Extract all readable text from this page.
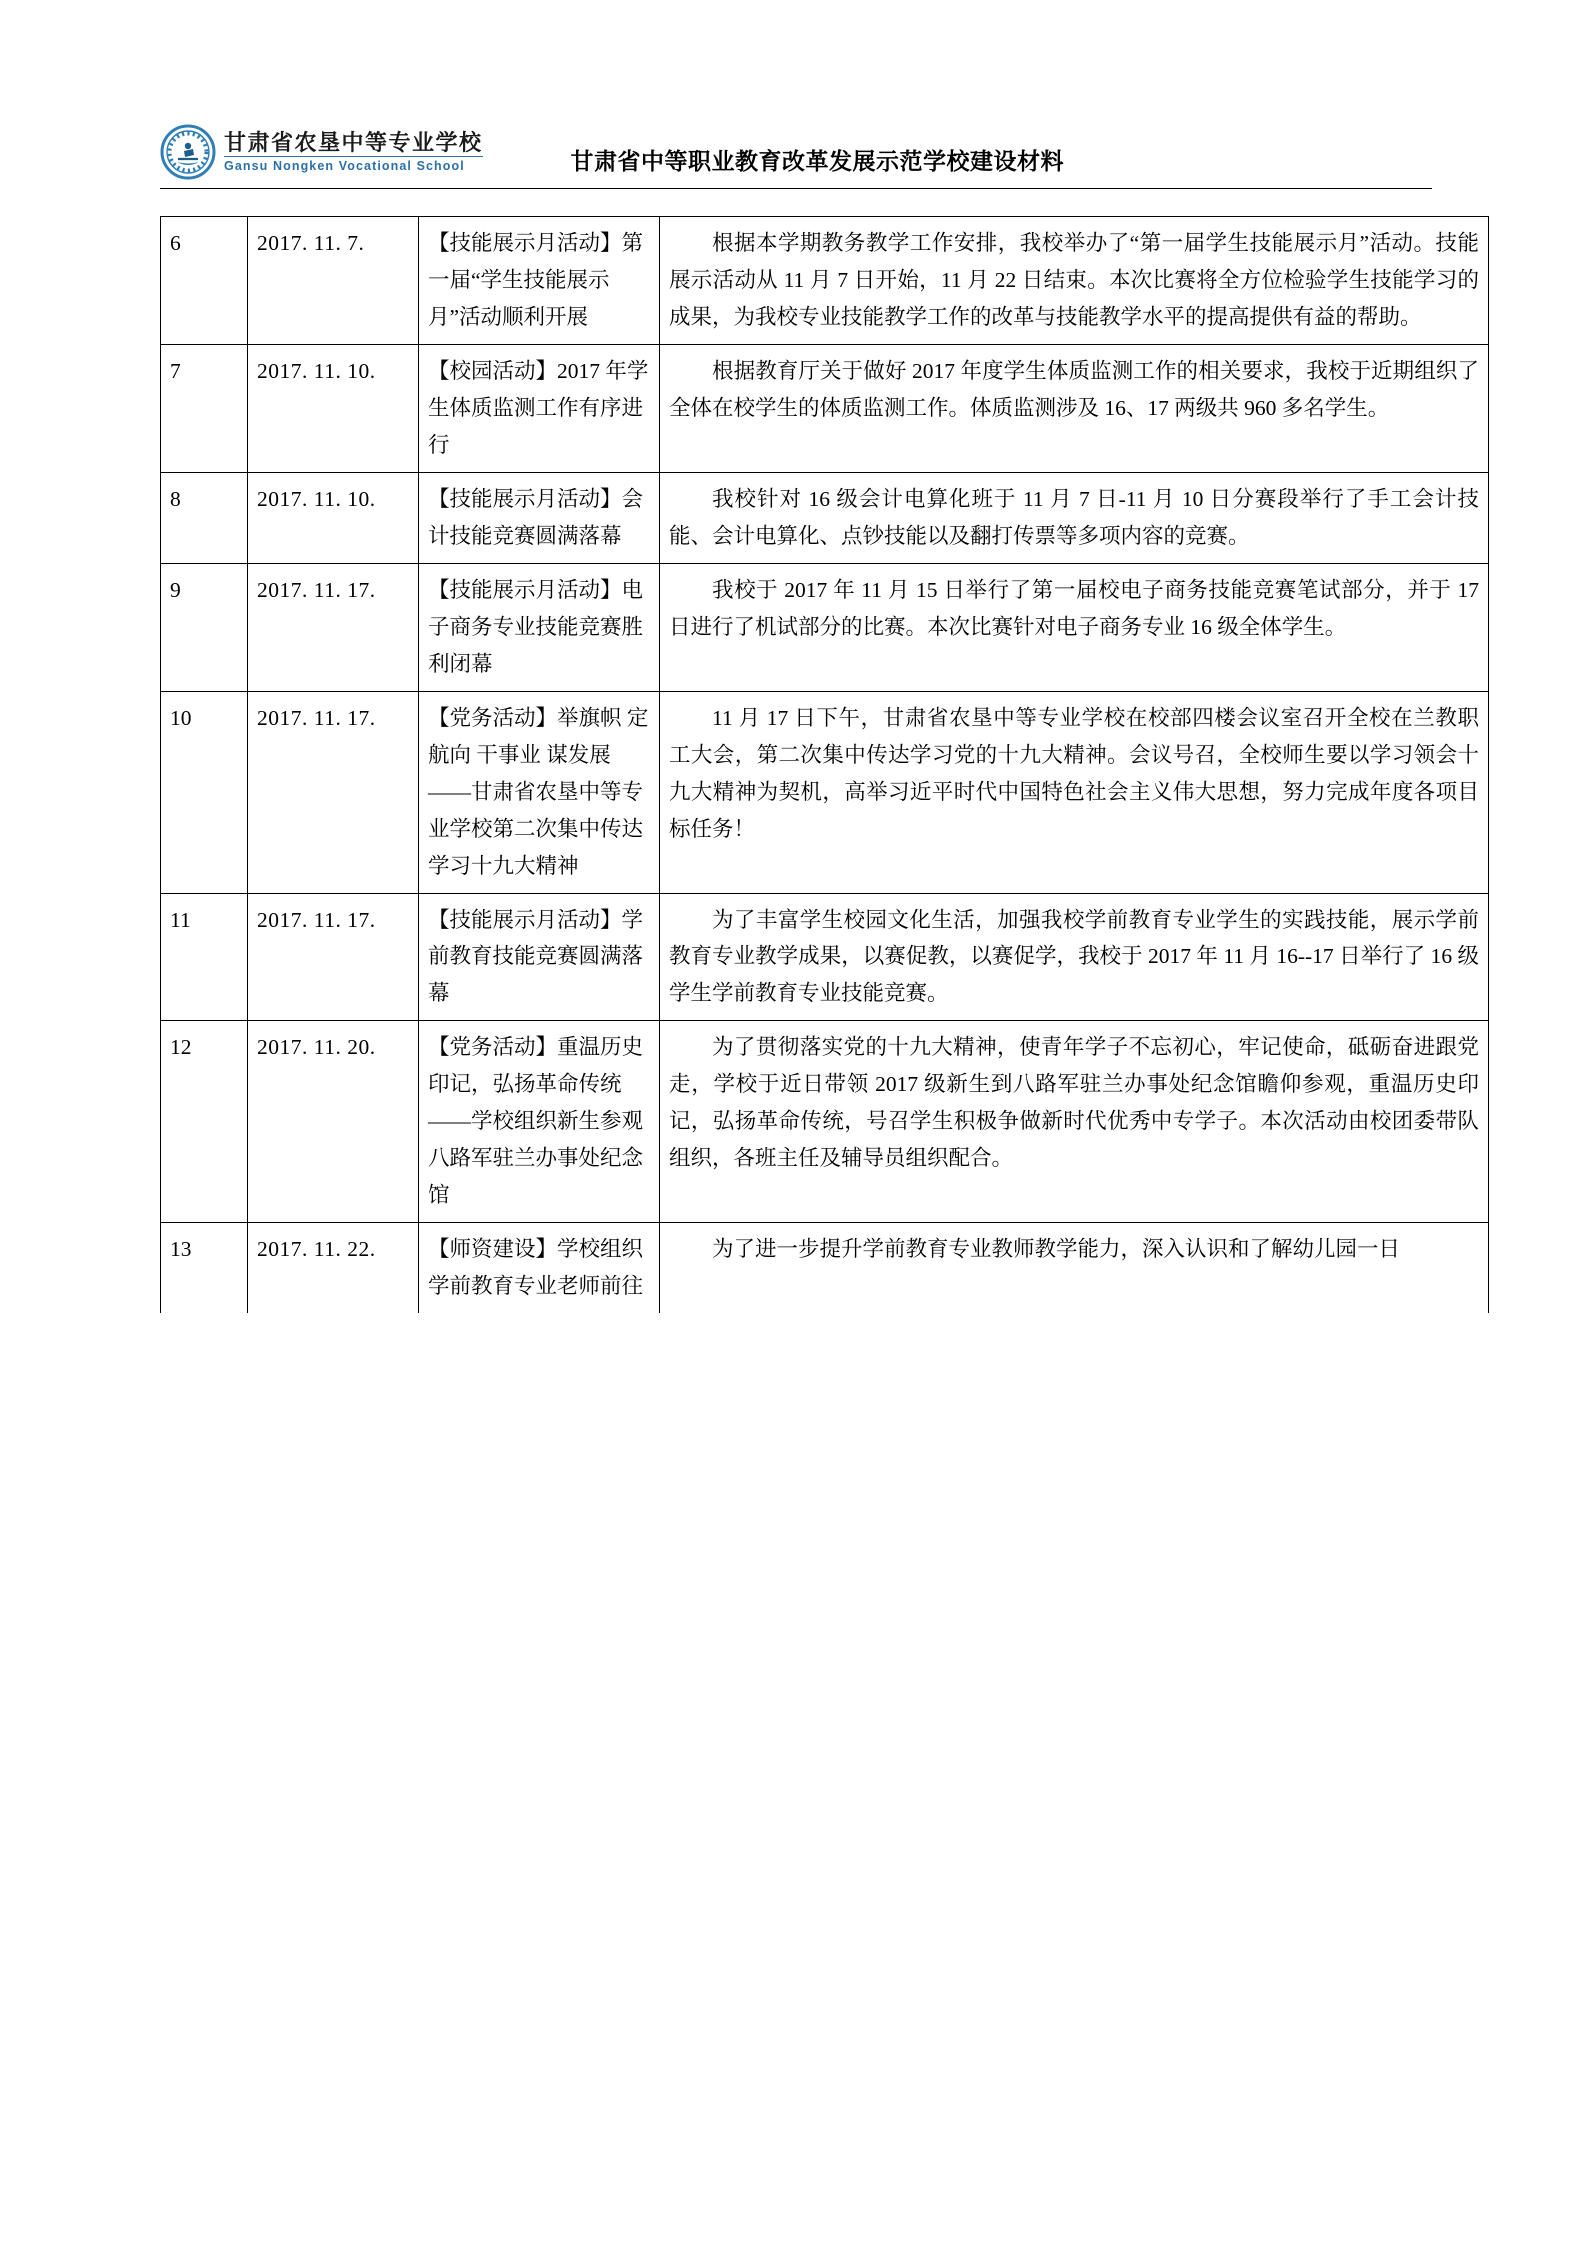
甘肃省农垦中等专业学校
Gansu Nongken Vocational School	甘肃省中等职业教育改革发展示范学校建设材料
6	2017. 11. 7.	【技能展示月活动】第一届“学生技能展示月”活动顺利开展	根据本学期教务教学工作安排，我校举办了“第一届学生技能展示月”活动。技能展示活动从 11 月 7 日开始，11 月 22 日结束。本次比赛将全方位检验学生技能学习的成果，为我校专业技能教学工作的改革与技能教学水平的提高提供有益的帮助。

7	2017. 11. 10.	【校园活动】2017 年学生体质监测工作有序进行	根据教育厅关于做好 2017 年度学生体质监测工作的相关要求，我校于近期组织了全体在校学生的体质监测工作。体质监测涉及 16、17 两级共 960 多名学生。

8	2017. 11. 10.	【技能展示月活动】会计技能竞赛圆满落幕	我校针对 16 级会计电算化班于 11 月 7 日-11 月 10 日分赛段举行了手工会计技能、会计电算化、点钞技能以及翻打传票等多项内容的竞赛。

9	2017. 11. 17.	【技能展示月活动】电子商务专业技能竞赛胜利闭幕	我校于 2017 年 11 月 15 日举行了第一届校电子商务技能竞赛笔试部分，并于 17 日进行了机试部分的比赛。本次比赛针对电子商务专业 16 级全体学生。

10	2017. 11. 17.	【党务活动】举旗帜 定航向 干事业 谋发展——甘肃省农垦中等专业学校第二次集中传达学习十九大精神	11 月 17 日下午，甘肃省农垦中等专业学校在校部四楼会议室召开全校在兰教职工大会，第二次集中传达学习党的十九大精神。会议号召，全校师生要以学习领会十九大精神为契机，高举习近平时代中国特色社会主义伟大思想，努力完成年度各项目标任务！

11	2017. 11. 17.	【技能展示月活动】学前教育技能竞赛圆满落幕	为了丰富学生校园文化生活，加强我校学前教育专业学生的实践技能，展示学前教育专业教学成果，以赛促教，以赛促学，我校于 2017 年 11 月 16--17 日举行了 16 级学生学前教育专业技能竞赛。

12	2017. 11. 20.	【党务活动】重温历史印记，弘扬革命传统——学校组织新生参观八路军驻兰办事处纪念馆	为了贯彻落实党的十九大精神，使青年学子不忘初心，牢记使命，砥砺奋进跟党走，学校于近日带领 2017 级新生到八路军驻兰办事处纪念馆瞻仰参观，重温历史印记，弘扬革命传统，号召学生积极争做新时代优秀中专学子。本次活动由校团委带队组织，各班主任及辅导员组织配合。

13	2017. 11. 22.	【师资建设】学校组织学前教育专业老师前往	为了进一步提升学前教育专业教师教学能力，深入认识和了解幼儿园一日
